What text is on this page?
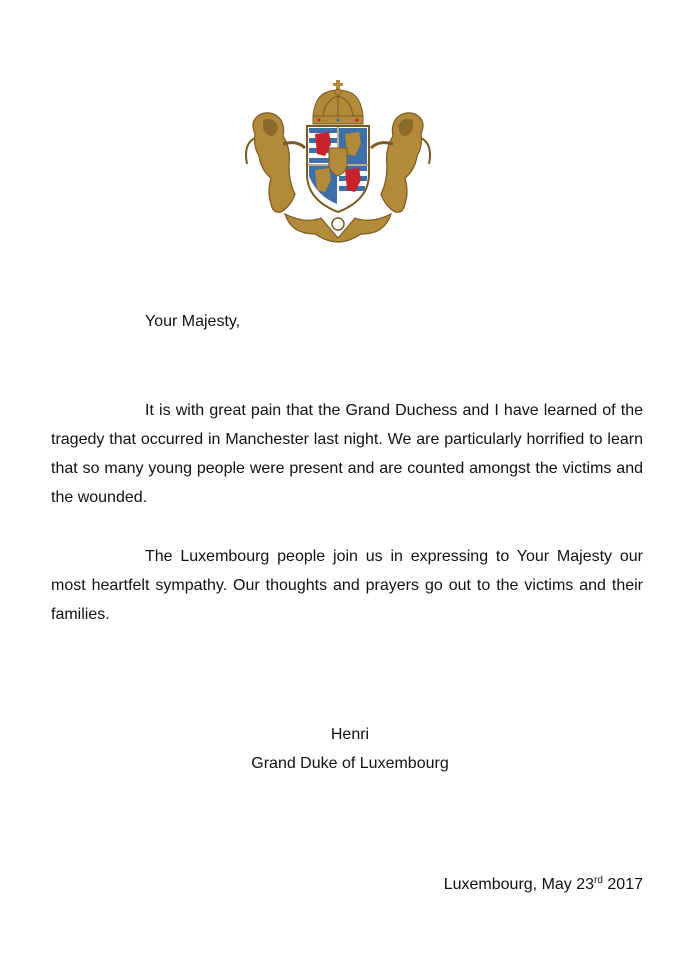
Your Majesty,

It is with great pain that the Grand Duchess and I have learned of the tragedy that occurred in Manchester last night. We are particularly horrified to learn that so many young people were present and are counted amongst the victims and the wounded.

The Luxembourg people join us in expressing to Your Majesty our most heartfelt sympathy. Our thoughts and prayers go out to the victims and their families.

Henri
Grand Duke of Luxembourg
Luxembourg, May 23rd 2017
